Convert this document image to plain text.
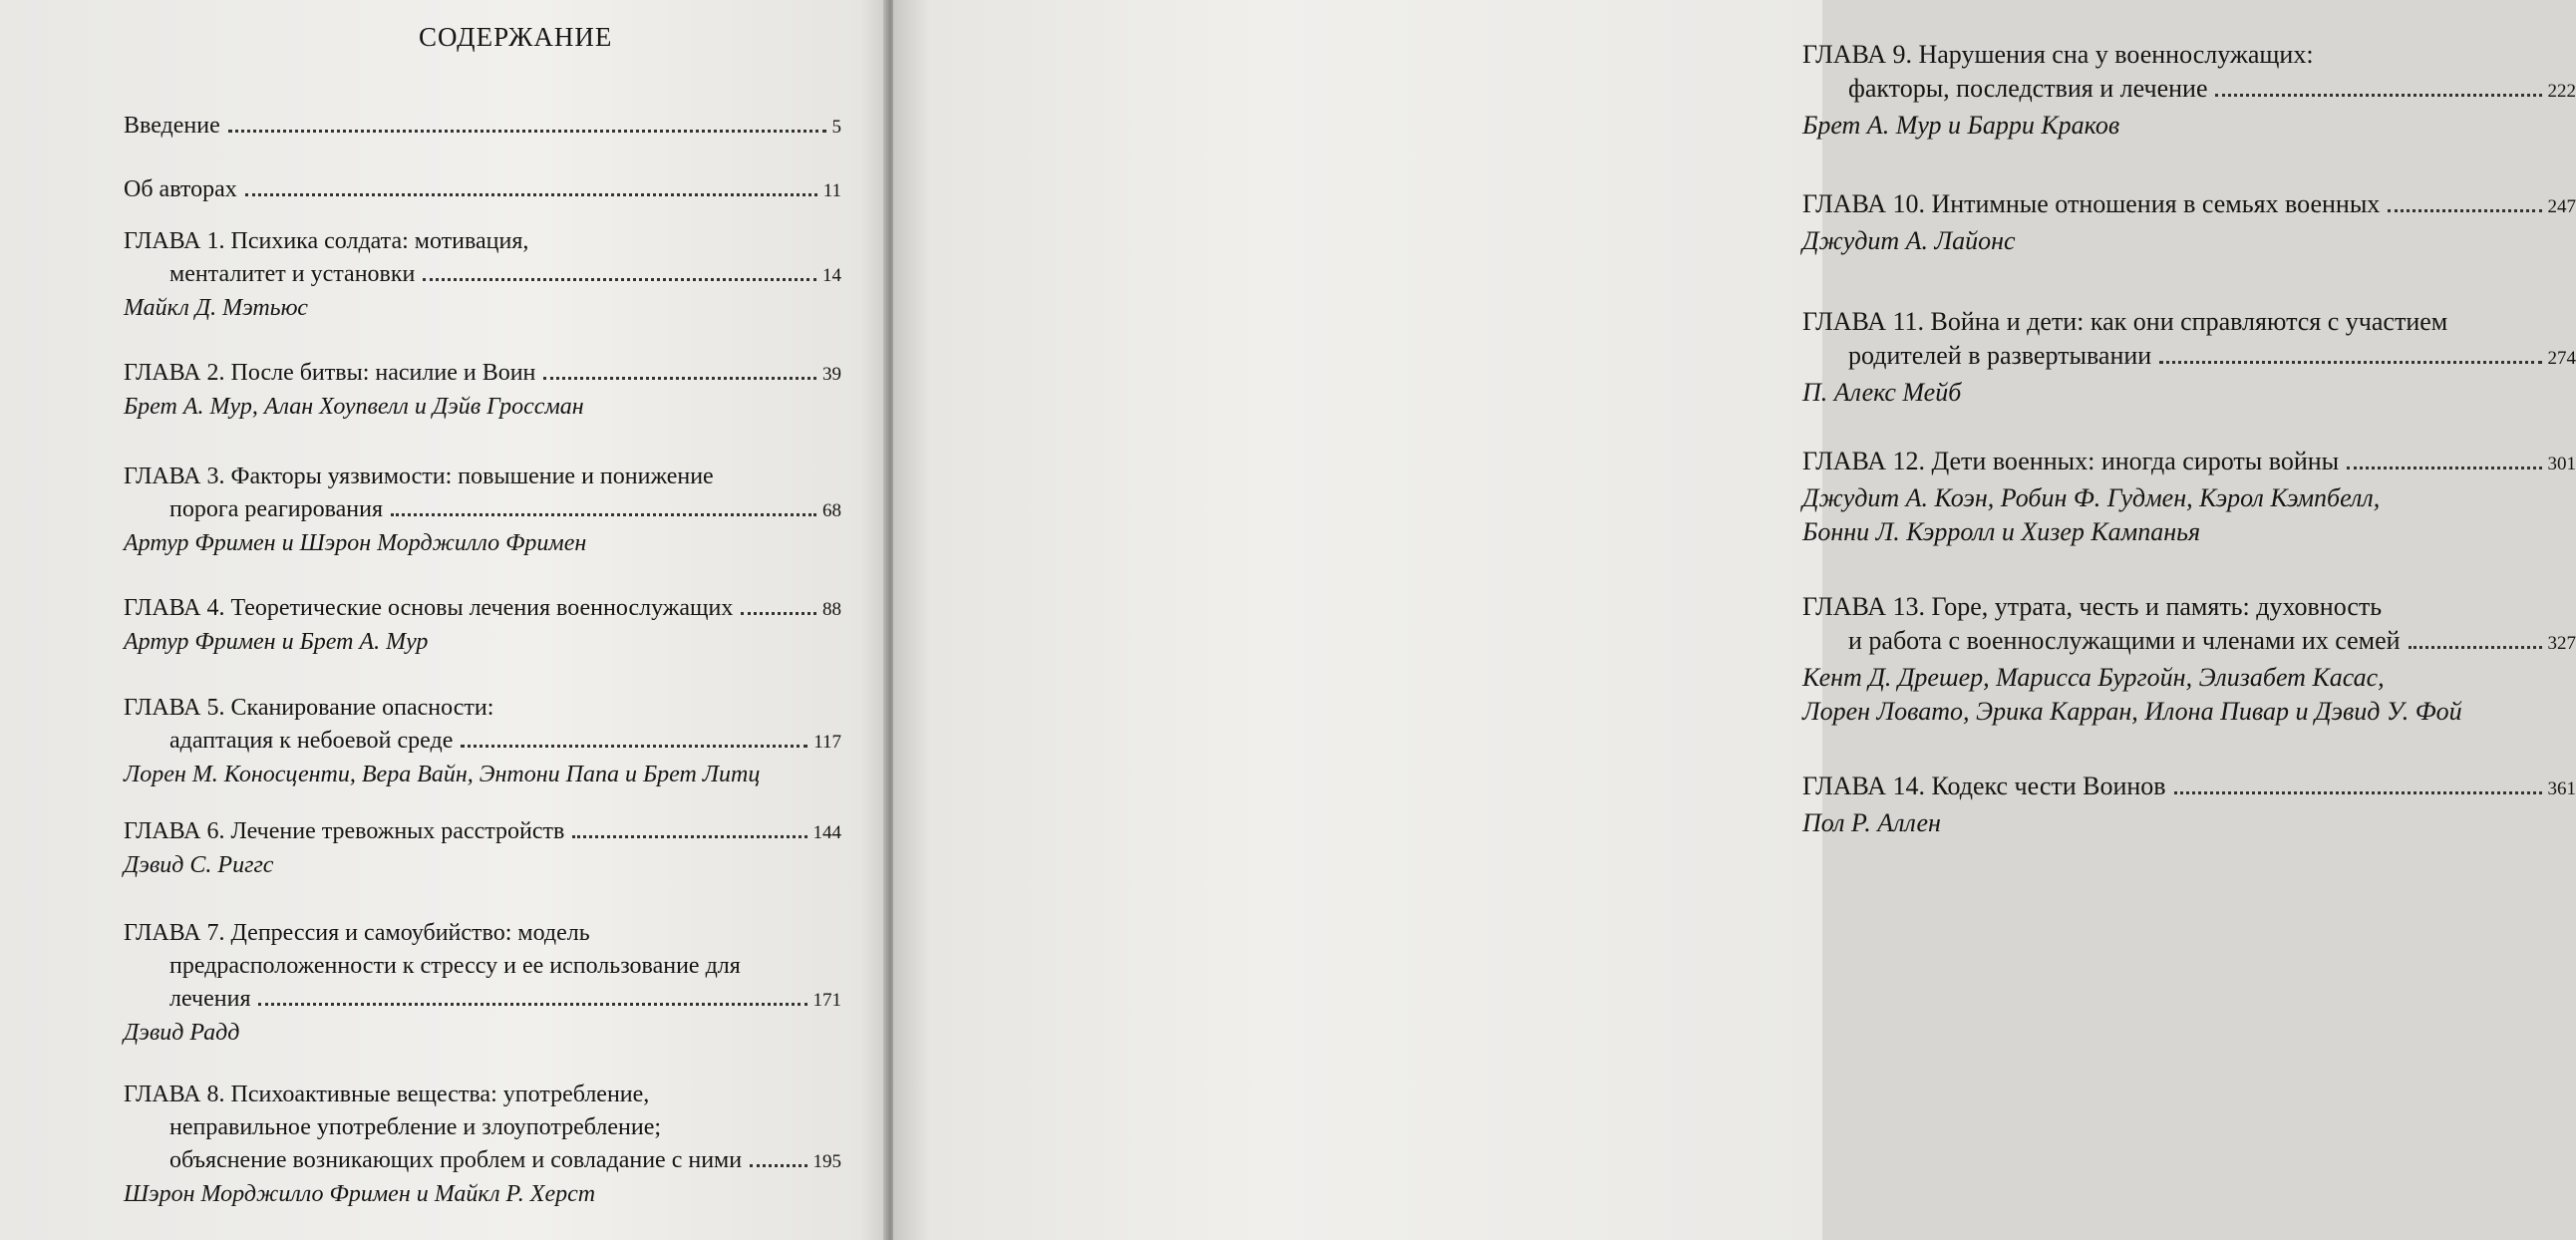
СОДЕРЖАНИЕ
Введение	5
Об авторах	11
ГЛАВА 1. Психика солдата: мотивация,
менталитет и установки	14
Майкл Д. Мэтьюс
ГЛАВА 2. После битвы: насилие и Воин	39
Брет А. Мур, Алан Хоупвелл и Дэйв Гроссман
ГЛАВА 3. Факторы уязвимости: повышение и понижение
порога реагирования	68
Артур Фримен и Шэрон Морджилло Фримен
ГЛАВА 4. Теоретические основы лечения военнослужащих	88
Артур Фримен и Брет А. Мур
ГЛАВА 5. Сканирование опасности:
адаптация к небоевой среде	117
Лорен М. Коносценти, Вера Вайн, Энтони Папа и Брет Литц
ГЛАВА 6. Лечение тревожных расстройств	144
Дэвид С. Риггс
ГЛАВА 7. Депрессия и самоубийство: модель
предрасположенности к стрессу и ее использование для
лечения	171
Дэвид Радд
ГЛАВА 8. Психоактивные вещества: употребление,
неправильное употребление и злоупотребление;
объяснение возникающих проблем и совладание с ними	195
Шэрон Морджилло Фримен и Майкл Р. Херст
ГЛАВА 9. Нарушения сна у военнослужащих:
факторы, последствия и лечение	222
Брет А. Мур и Барри Краков
ГЛАВА 10. Интимные отношения в семьях военных	247
Джудит А. Лайонс
ГЛАВА 11. Война и дети: как они справляются с участием
родителей в развертывании	274
П. Алекс Мейб
ГЛАВА 12. Дети военных: иногда сироты войны	301
Джудит А. Коэн, Робин Ф. Гудмен, Кэрол Кэмпбелл,
Бонни Л. Кэрролл и Хизер Кампанья
ГЛАВА 13. Горе, утрата, честь и память: духовность
и работа с военнослужащими и членами их семей	327
Кент Д. Дрешер, Марисса Бургойн, Элизабет Касас,
Лорен Ловато, Эрика Карран, Илона Пивар и Дэвид У. Фой
ГЛАВА 14. Кодекс чести Воинов	361
Пол Р. Аллен
